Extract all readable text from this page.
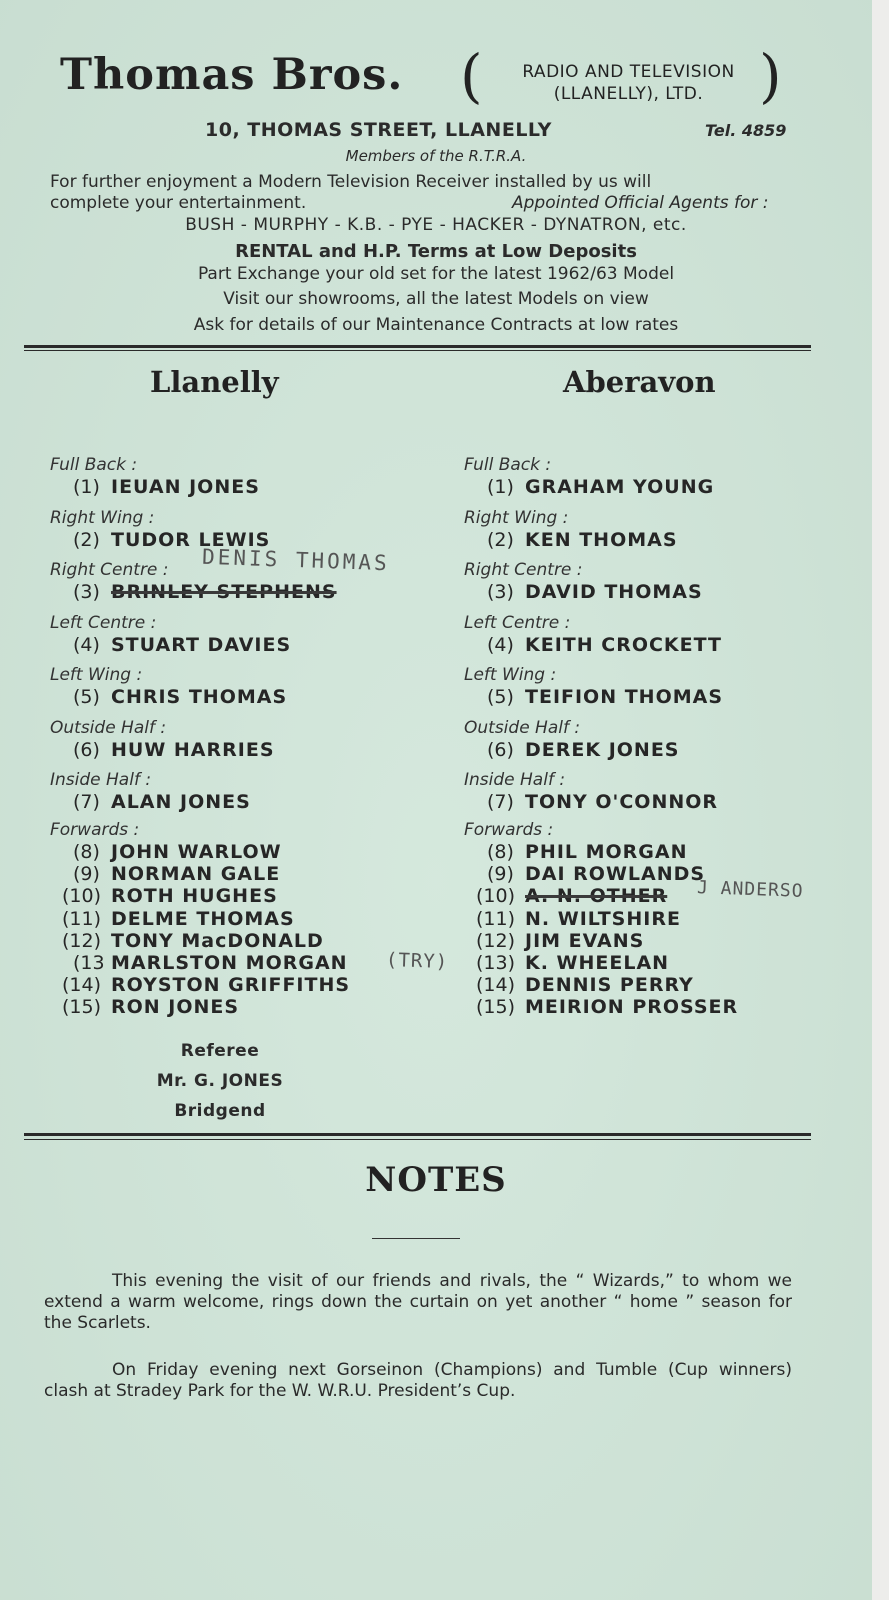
Thomas Bros. (	RADIO AND TELEVISION
(LLANELLY), LTD. )
10, THOMAS STREET, LLANELLY	Tel. 4859
Members of the R.T.R.A.
For further enjoyment a Modern Television Receiver installed by us will
complete your entertainment.	Appointed Official Agents for :
BUSH - MURPHY - K.B. - PYE - HACKER - DYNATRON, etc.
RENTAL and H.P. Terms at Low Deposits
Part Exchange your old set for the latest 1962/63 Model
Visit our showrooms, all the latest Models on view
Ask for details of our Maintenance Contracts at low rates
Llanelly	Aberavon
Full Back :
(1) IEUAN JONES
Right Wing :
(2) TUDOR LEWIS
Right Centre :
(3) BRINLEY STEPHENS
Left Centre :
(4) STUART DAVIES
Left Wing :
(5) CHRIS THOMAS
Outside Half :
(6) HUW HARRIES
Inside Half :
(7) ALAN JONES
Forwards :
(8) JOHN WARLOW
(9) NORMAN GALE
(10) ROTH HUGHES
(11) DELME THOMAS
(12) TONY MacDONALD
(13 MARLSTON MORGAN
(14) ROYSTON GRIFFITHS
(15) RON JONES
Full Back :
(1) GRAHAM YOUNG
Right Wing :
(2) KEN THOMAS
Right Centre :
(3) DAVID THOMAS
Left Centre :
(4) KEITH CROCKETT
Left Wing :
(5) TEIFION THOMAS
Outside Half :
(6) DEREK JONES
Inside Half :
(7) TONY O'CONNOR
Forwards :
(8) PHIL MORGAN
(9) DAI ROWLANDS
(10) A. N. OTHER
(11) N. WILTSHIRE
(12) JIM EVANS
(13) K. WHEELAN
(14) DENNIS PERRY
(15) MEIRION PROSSER
DENIS THOMAS
(TRY)
J ANDERSO
Referee
Mr. G. JONES
Bridgend
NOTES
This evening the visit of our friends and rivals, the “ Wizards,” to whom we extend a warm welcome, rings down the curtain on yet another “ home ” season for the Scarlets.
On Friday evening next Gorseinon (Champions) and Tumble (Cup winners) clash at Stradey Park for the W. W.R.U. President’s Cup.
